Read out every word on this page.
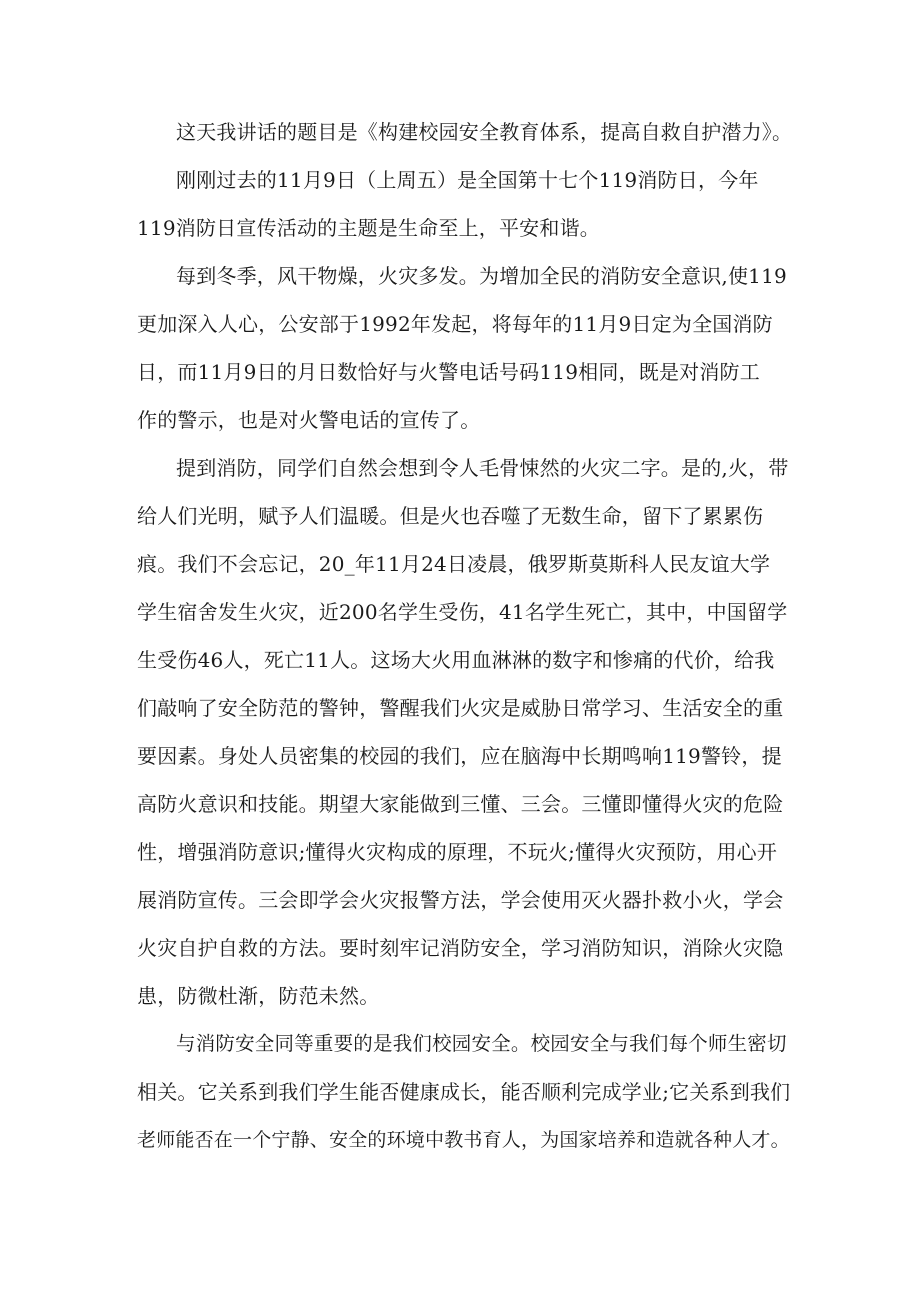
这天我讲话的题目是《构建校园安全教育体系，提高自救自护潜力》。
刚刚过去的11月9日（上周五）是全国第十七个119消防日，今年
119消防日宣传活动的主题是生命至上，平安和谐。
每到冬季，风干物燥，火灾多发。为增加全民的消防安全意识,使119
更加深入人心，公安部于1992年发起，将每年的11月9日定为全国消防
日，而11月9日的月日数恰好与火警电话号码119相同，既是对消防工
作的警示，也是对火警电话的宣传了。
提到消防，同学们自然会想到令人毛骨悚然的火灾二字。是的,火，带
给人们光明，赋予人们温暖。但是火也吞噬了无数生命，留下了累累伤
痕。我们不会忘记，20_年11月24日凌晨，俄罗斯莫斯科人民友谊大学
学生宿舍发生火灾，近200名学生受伤，41名学生死亡，其中，中国留学
生受伤46人，死亡11人。这场大火用血淋淋的数字和惨痛的代价，给我
们敲响了安全防范的警钟，警醒我们火灾是威胁日常学习、生活安全的重
要因素。身处人员密集的校园的我们，应在脑海中长期鸣响119警铃，提
高防火意识和技能。期望大家能做到三懂、三会。三懂即懂得火灾的危险
性，增强消防意识;懂得火灾构成的原理，不玩火;懂得火灾预防，用心开
展消防宣传。三会即学会火灾报警方法，学会使用灭火器扑救小火，学会
火灾自护自救的方法。要时刻牢记消防安全，学习消防知识，消除火灾隐
患，防微杜渐，防范未然。
与消防安全同等重要的是我们校园安全。校园安全与我们每个师生密切
相关。它关系到我们学生能否健康成长，能否顺利完成学业;它关系到我们
老师能否在一个宁静、安全的环境中教书育人，为国家培养和造就各种人才。
